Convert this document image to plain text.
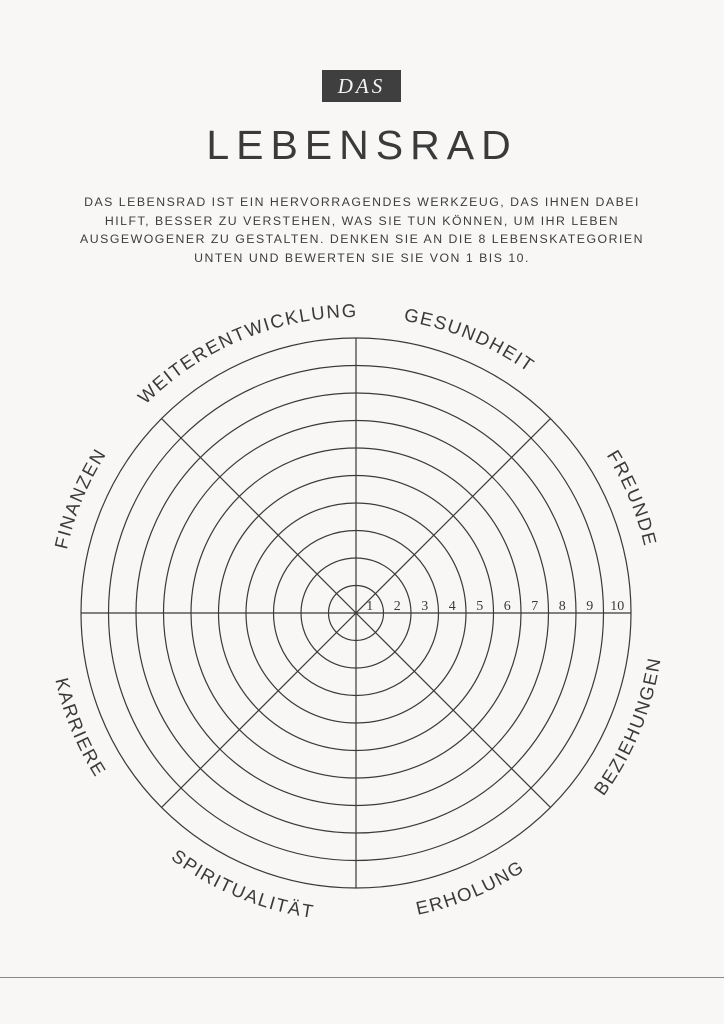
DAS
LEBENSRAD

DAS LEBENSRAD IST EIN HERVORRAGENDES WERKZEUG, DAS IHNEN DABEI HILFT, BESSER ZU VERSTEHEN, WAS SIE TUN KÖNNEN, UM IHR LEBEN AUSGEWOGENER ZU GESTALTEN. DENKEN SIE AN DIE 8 LEBENSKATEGORIEN UNTEN UND BEWERTEN SIE SIE VON 1 BIS 10.

1 2 3 4 5 6 7 8 9 10
GESUNDHEIT
FREUNDE
BEZIEHUNGEN
ERHOLUNG
SPIRITUALITÄT
KARRIERE
FINANZEN
WEITERENTWICKLUNG
